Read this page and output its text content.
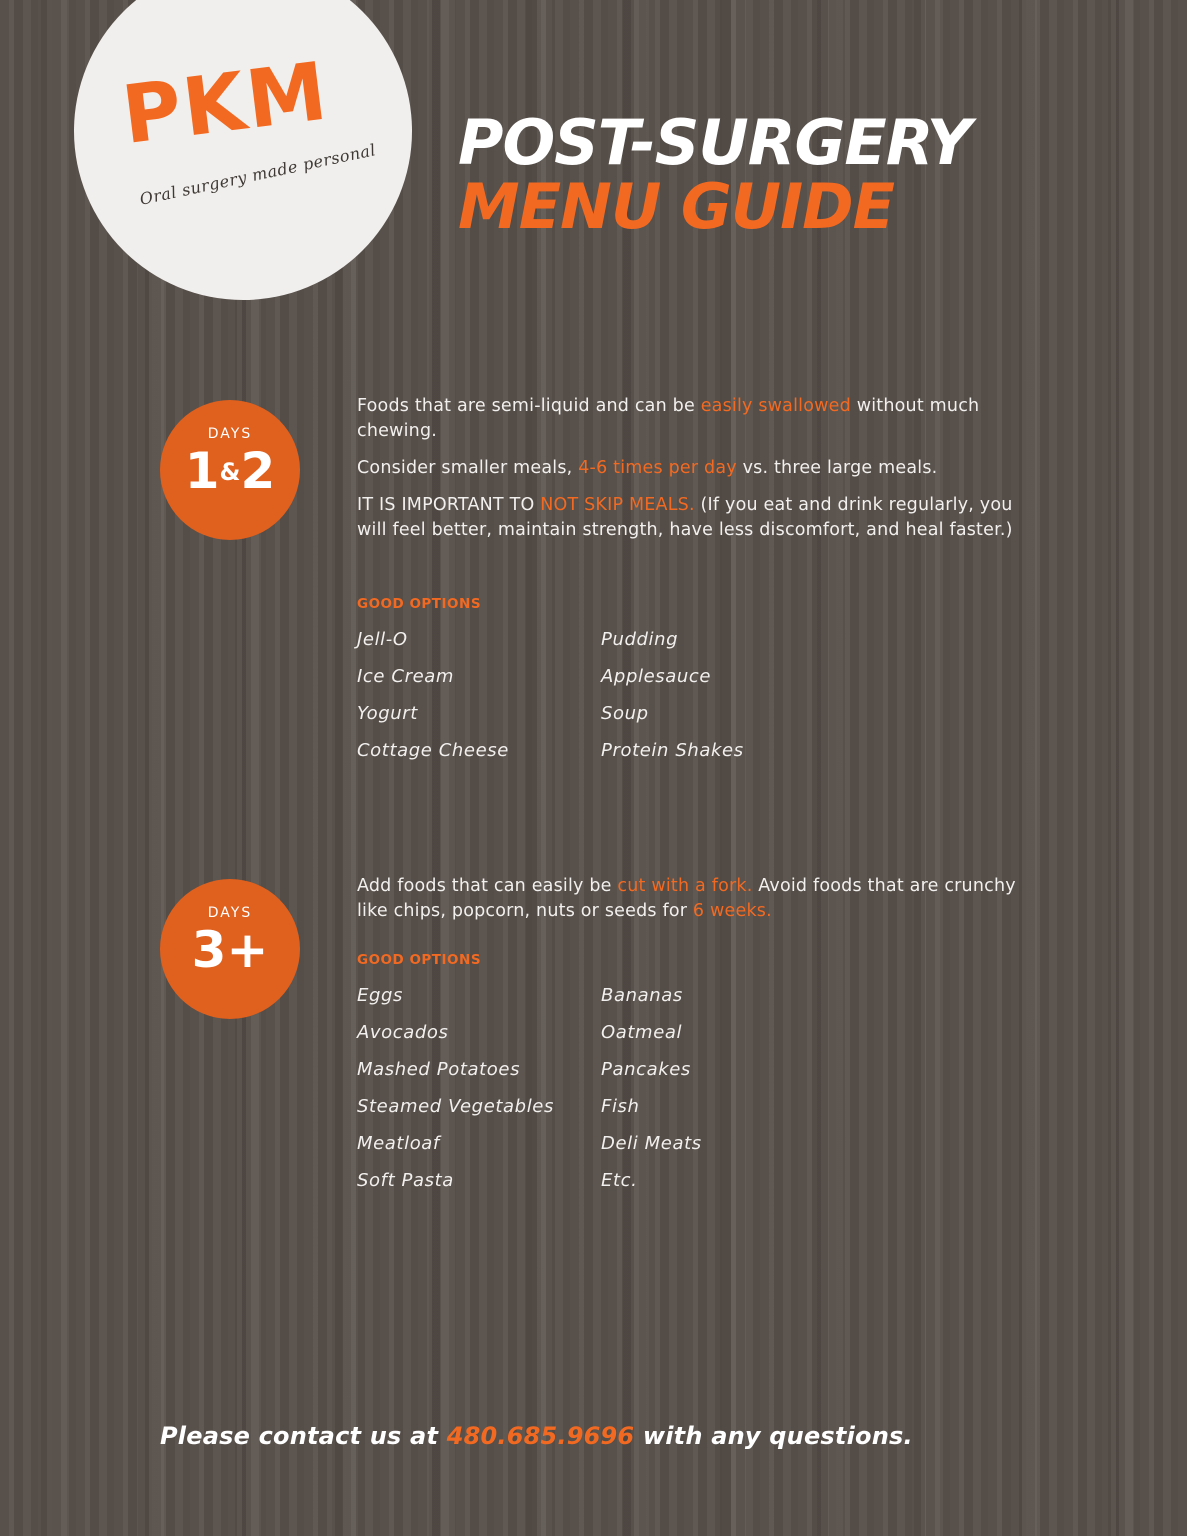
PKM
Oral surgery made personal POST-SURGERY
MENU GUIDE
DAYS
1&2

Foods that are semi-liquid and can be easily swallowed without much chewing.

Consider smaller meals, 4-6 times per day vs. three large meals.

IT IS IMPORTANT TO NOT SKIP MEALS. (If you eat and drink regularly, you will feel better, maintain strength, have less discomfort, and heal faster.)

GOOD OPTIONS
Jell-O	Pudding
Ice Cream	Applesauce
Yogurt	Soup
Cottage Cheese	Protein Shakes
DAYS
3+

Add foods that can easily be cut with a fork. Avoid foods that are crunchy like chips, popcorn, nuts or seeds for 6 weeks.

GOOD OPTIONS
Eggs	Bananas
Avocados	Oatmeal
Mashed Potatoes	Pancakes
Steamed Vegetables	Fish
Meatloaf	Deli Meats
Soft Pasta	Etc.
Please contact us at 480.685.9696 with any questions.
